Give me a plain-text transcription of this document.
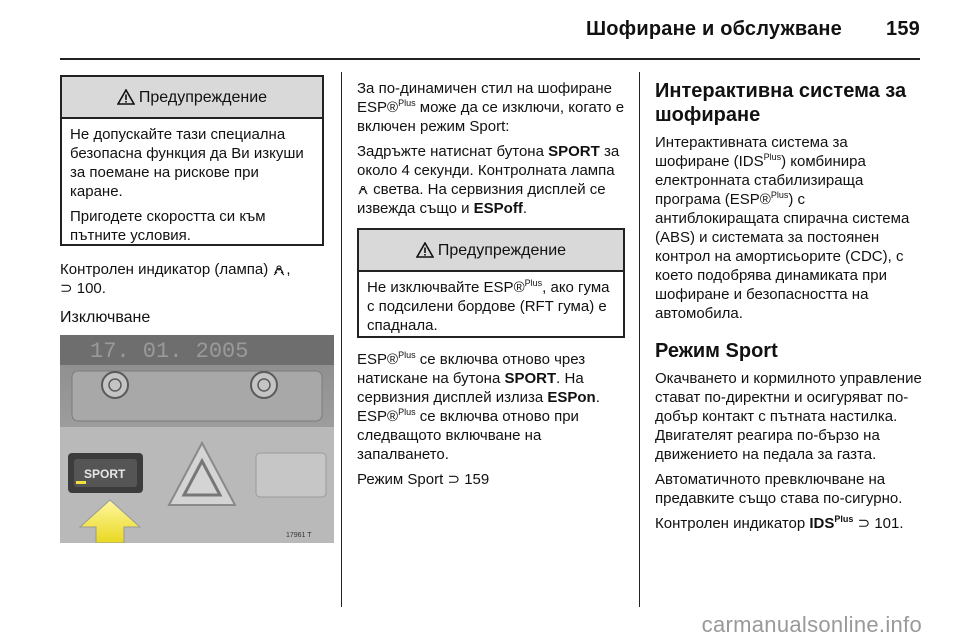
Шофиране и обслужване 159
Предупреждение

Не допускайте тази специална безопасна функция да Ви изкуши за поемане на рискове при каране.

Пригодете скоростта си към пътните условия.

Контролен индикатор (лампа) ,
⊃ 100.

Изключване
17. 01. 2005
SPORT
17961 T

За по-динамичен стил на шофиране ESP®$^{Plus}$ може да се изключи, когато е включен режим Sport:

Задръжте натиснат бутона SPORT за около 4 секунди. Контролната лампа  светва. На сервизния дисплей се извежда също и ESPoff.

Предупреждение

Не изключвайте ESP®$^{Plus}$, ако гума с подсилени бордове (RFT гума) е спаднала.

ESP®$^{Plus}$ се включва отново чрез натискане на бутона SPORT. На сервизния дисплей излиза ESPon.
ESP®$^{Plus}$ се включва отново при следващото включване на запалването.

Режим Sport ⊃ 159

Интерактивна система за шофиране

Интерактивната система за шофиране $(IDS^{Plus})$ комбинира електронната стабилизираща програма (ESP®$^{Plus}$) с антиблокиращата спирачна система (ABS) и системата за постоянен контрол на амортисьорите (CDC), с което подобрява динамиката при шофиране и безопасността на автомобила.

Режим Sport

Окачването и кормилното управление стават по-директни и осигуряват по-добър контакт с пътната настилка. Двигателят реагира по-бързо на движението на педала за газта.

Автоматичното превключване на предавките също става по-сигурно.

Контролен индикатор $IDS^{Plus}$ ⊃ 101.

carmanualsonline.info
